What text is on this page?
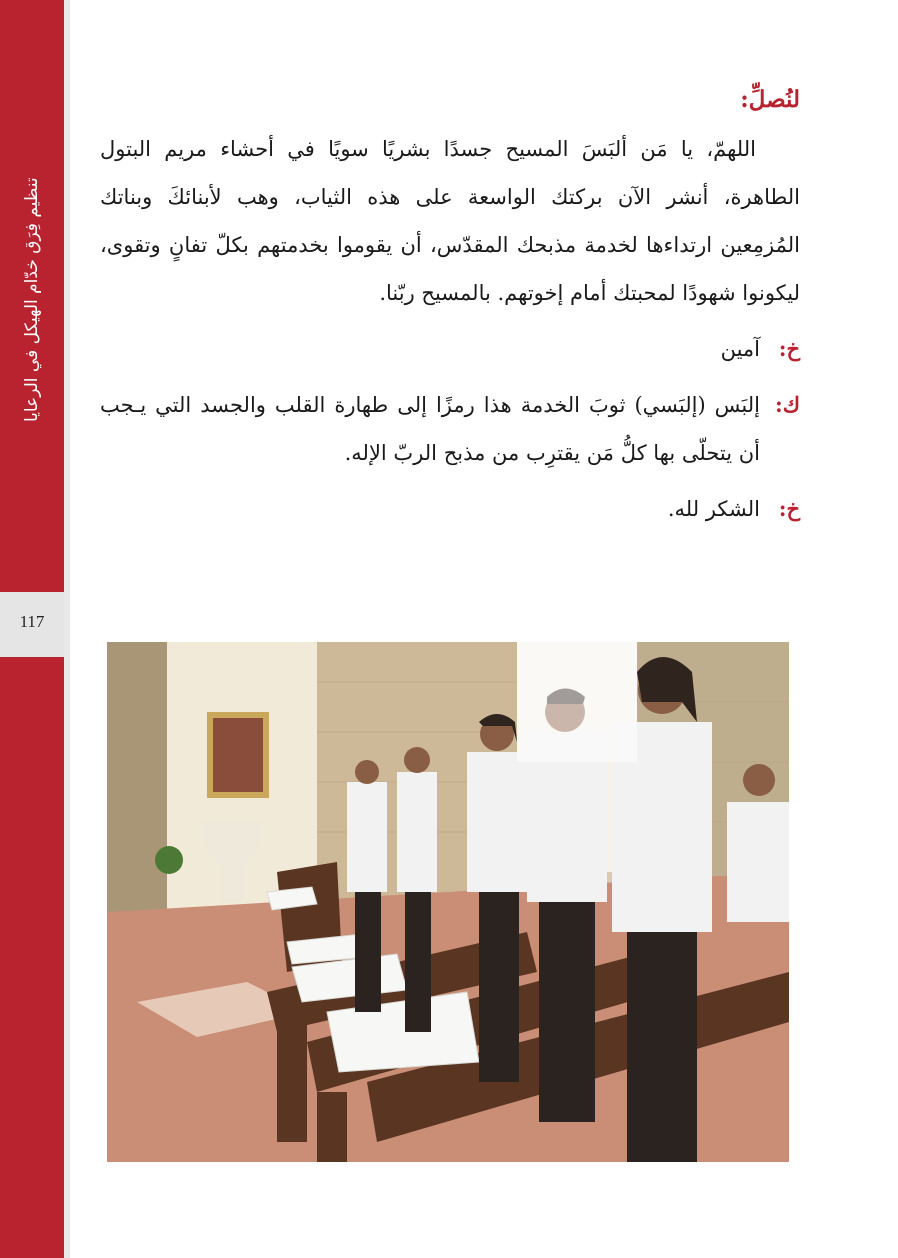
تنظيم فِرَق خدّام الهيكل في الرعايا
117
لنُصلِّ:

اللهمّ، يا مَن ألبَسَ المسيح جسدًا بشريًا سويًا في أحشاء مريم البتول الطاهرة، أنشر الآن بركتك الواسعة على هذه الثياب، وهب لأبنائكَ وبناتك المُزمِعين ارتداءها لخدمة مذبحك المقدّس، أن يقوموا بخدمتهم بكلّ تفانٍ وتقوى، ليكونوا شهودًا لمحبتك أمام إخوتهم. بالمسيح ربّنا.

خ:
آمين
ك:
إلبَس (إلبَسي) ثوبَ الخدمة هذا رمزًا إلى طهارة القلب والجسد التي يـجب أن يتحلّى بها كلُّ مَن يقترِب من مذبح الربّ الإله.
خ:
الشكر لله.
